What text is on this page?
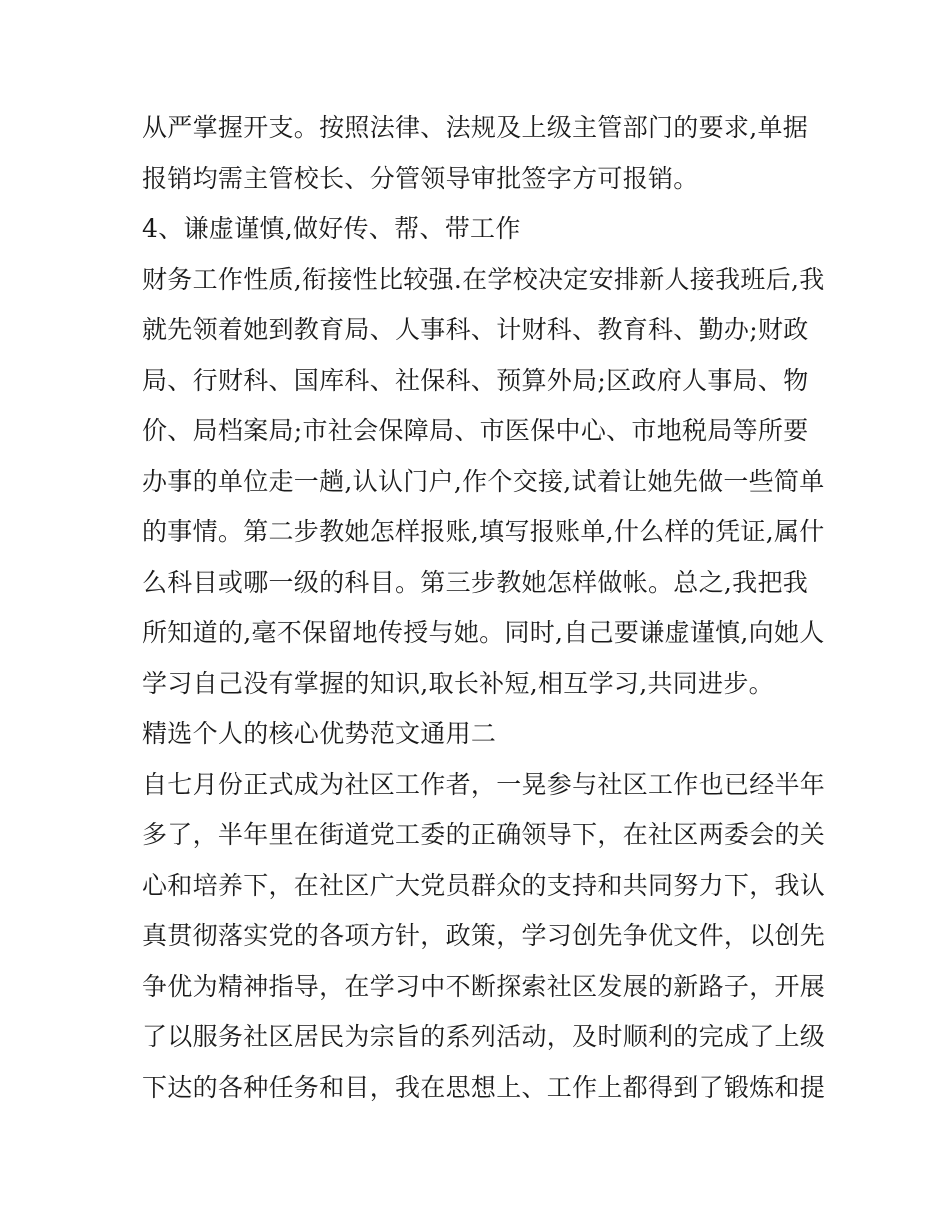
从严掌握开支。按照法律、法规及上级主管部门的要求,单据
报销均需主管校长、分管领导审批签字方可报销。
4、谦虚谨慎,做好传、帮、带工作
财务工作性质,衔接性比较强.在学校决定安排新人接我班后,我
就先领着她到教育局、人事科、计财科、教育科、勤办;财政
局、行财科、国库科、社保科、预算外局;区政府人事局、物
价、局档案局;市社会保障局、市医保中心、市地税局等所要
办事的单位走一趟,认认门户,作个交接,试着让她先做一些简单
的事情。第二步教她怎样报账,填写报账单,什么样的凭证,属什
么科目或哪一级的科目。第三步教她怎样做帐。总之,我把我
所知道的,毫不保留地传授与她。同时,自己要谦虚谨慎,向她人
学习自己没有掌握的知识,取长补短,相互学习,共同进步。
精选个人的核心优势范文通用二
自七月份正式成为社区工作者，一晃参与社区工作也已经半年
多了，半年里在街道党工委的正确领导下，在社区两委会的关
心和培养下，在社区广大党员群众的支持和共同努力下，我认
真贯彻落实党的各项方针，政策，学习创先争优文件，以创先
争优为精神指导，在学习中不断探索社区发展的新路子，开展
了以服务社区居民为宗旨的系列活动，及时顺利的完成了上级
下达的各种任务和目，我在思想上、工作上都得到了锻炼和提
